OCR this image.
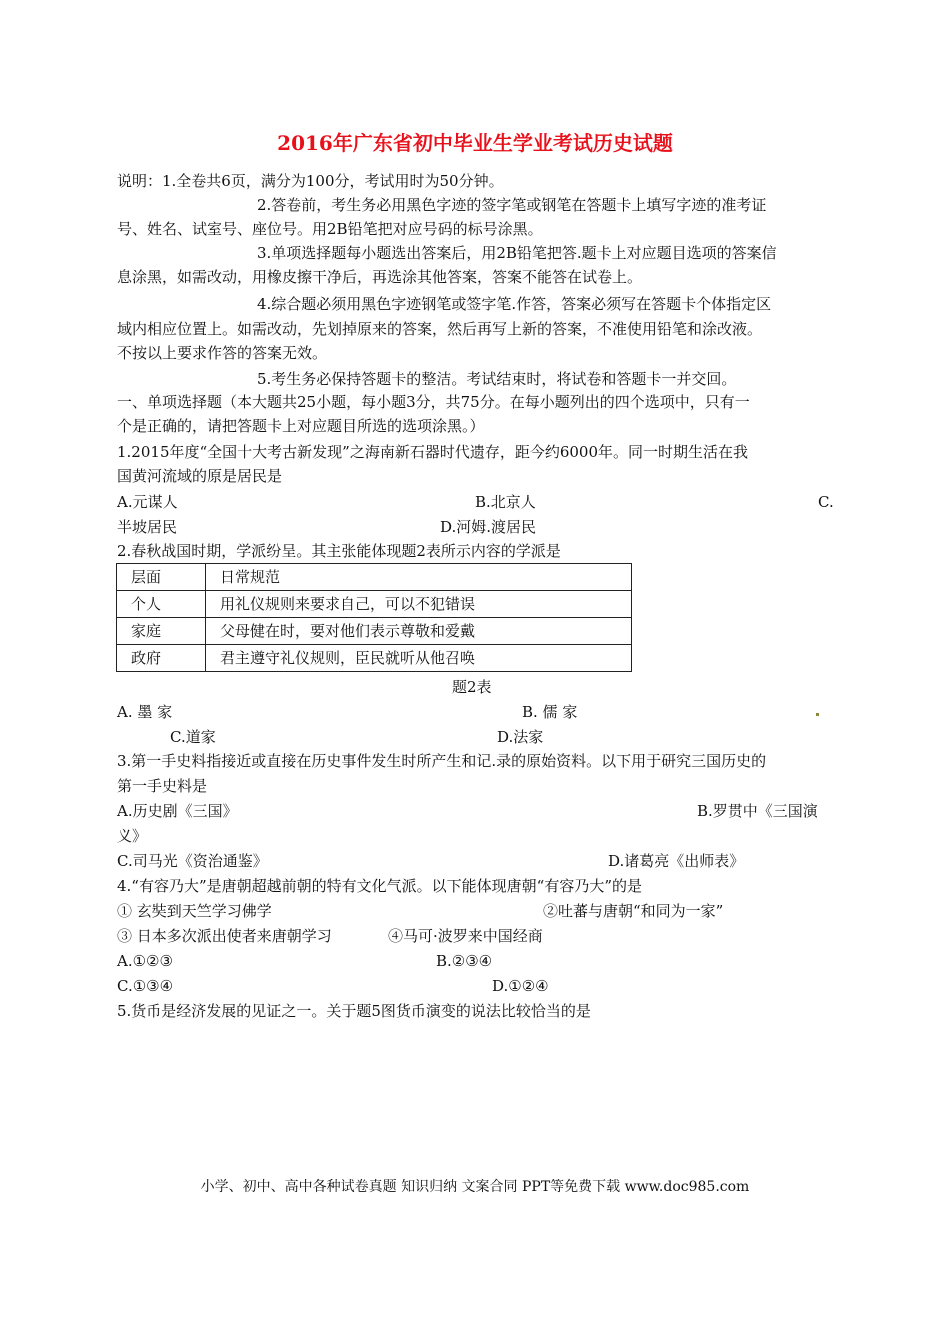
2016年广东省初中毕业生学业考试历史试题
说明：1.全卷共6页，满分为100分，考试用时为50分钟。
2.答卷前，考生务必用黑色字迹的签字笔或钢笔在答题卡上填写字迹的准考证
号、姓名、试室号、座位号。用2B铅笔把对应号码的标号涂黑。
3.单项选择题每小题选出答案后，用2B铅笔把答.题卡上对应题目选项的答案信
息涂黑，如需改动，用橡皮擦干净后，再选涂其他答案，答案不能答在试卷上。
4.综合题必须用黑色字迹钢笔或签字笔.作答，答案必须写在答题卡个体指定区
域内相应位置上。如需改动，先划掉原来的答案，然后再写上新的答案，不准使用铅笔和涂改液。
不按以上要求作答的答案无效。
5.考生务必保持答题卡的整洁。考试结束时，将试卷和答题卡一并交回。
一、单项选择题（本大题共25小题，每小题3分，共75分。在每小题列出的四个选项中，只有一
个是正确的，请把答题卡上对应题目所选的选项涂黑。）
1.2015年度“全国十大考古新发现”之海南新石器时代遗存，距今约6000年。同一时期生活在我
国黄河流域的原是居民是
A.元谋人	B.北京人	C.
半坡居民	D.河姆.渡居民
2.春秋战国时期，学派纷呈。其主张能体现题2表所示内容的学派是
层面	日常规范
个人	用礼仪规则来要求自己，可以不犯错误
家庭	父母健在时，要对他们表示尊敬和爱戴
政府	君主遵守礼仪规则，臣民就听从他召唤
题2表
A. 墨 家	B. 儒 家
C.道家	D.法家
3.第一手史料指接近或直接在历史事件发生时所产生和记.录的原始资料。以下用于研究三国历史的
第一手史料是
A.历史剧《三国》	B.罗贯中《三国演
义》
C.司马光《资治通鉴》	D.诸葛亮《出师表》
4.“有容乃大”是唐朝超越前朝的特有文化气派。以下能体现唐朝“有容乃大”的是
① 玄奘到天竺学习佛学	②吐蕃与唐朝“和同为一家”
③ 日本多次派出使者来唐朝学习	④马可·波罗来中国经商
A.①②③	B.②③④
C.①③④	D.①②④
5.货币是经济发展的见证之一。关于题5图货币演变的说法比较恰当的是
小学、初中、高中各种试卷真题 知识归纳 文案合同 PPT等免费下载 www.doc985.com
